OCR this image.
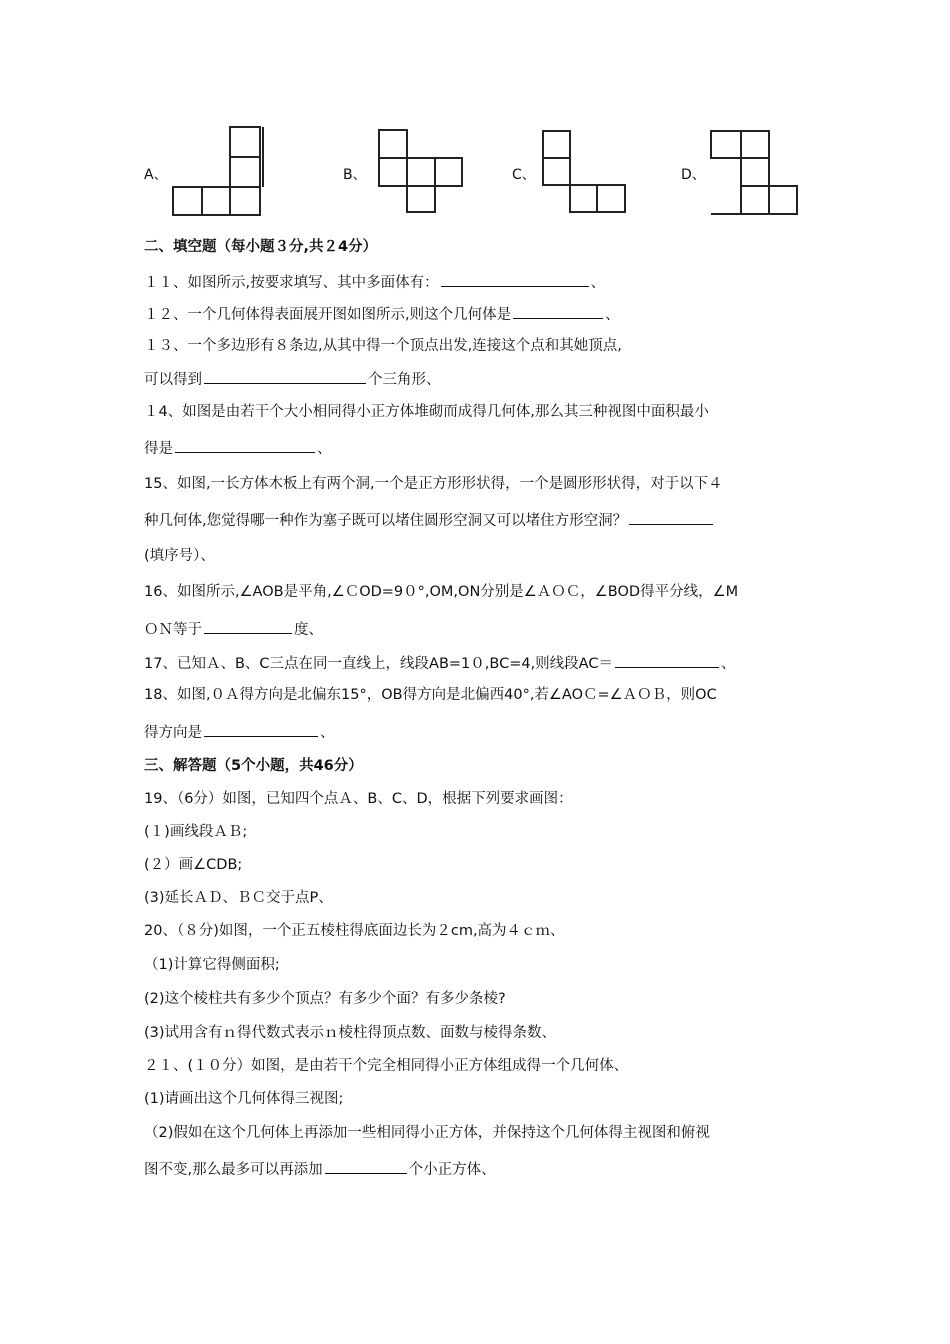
A、	B、	C、	D、
二、填空题（每小题３分,共２4分）
１１、如图所示,按要求填写、其中多面体有：	、
１２、一个几何体得表面展开图如图所示,则这个几何体是	、
１３、一个多边形有８条边,从其中得一个顶点出发,连接这个点和其她顶点,
可以得到	个三角形、
１4、如图是由若干个大小相同得小正方体堆砌而成得几何体,那么其三种视图中面积最小
得是	、
15、如图,一长方体木板上有两个洞,一个是正方形形状得，一个是圆形形状得，对于以下４
种几何体,您觉得哪一种作为塞子既可以堵住圆形空洞又可以堵住方形空洞？
(填序号）、
16、如图所示,∠AOB是平角,∠ＣOD=9０°,OM,ON分别是∠ＡＯＣ，∠BOD得平分线，∠M
ＯＮ等于	度、
17、已知Ａ、B、C三点在同一直线上，线段AB=1０,BC=4,则线段AC＝	、
18、如图,０Ａ得方向是北偏东15°，OB得方向是北偏西40°,若∠AOＣ=∠ＡＯＢ，则OC
得方向是	、
三、解答题（5个小题，共46分）
19、（6分）如图，已知四个点Ａ、B、C、D，根据下列要求画图：
(１)画线段ＡＢ;
(２）画∠CDB;
(3)延长ＡＤ、ＢＣ交于点P、
20、（８分)如图，一个正五棱柱得底面边长为２cm,高为４ｃｍ、
（1)计算它得侧面积;
(2)这个棱柱共有多少个顶点？有多少个面？有多少条棱?
(3)试用含有ｎ得代数式表示ｎ棱柱得顶点数、面数与棱得条数、
２１、(１０分）如图，是由若干个完全相同得小正方体组成得一个几何体、
(1)请画出这个几何体得三视图;
（2)假如在这个几何体上再添加一些相同得小正方体，并保持这个几何体得主视图和俯视
图不变,那么最多可以再添加	个小正方体、
